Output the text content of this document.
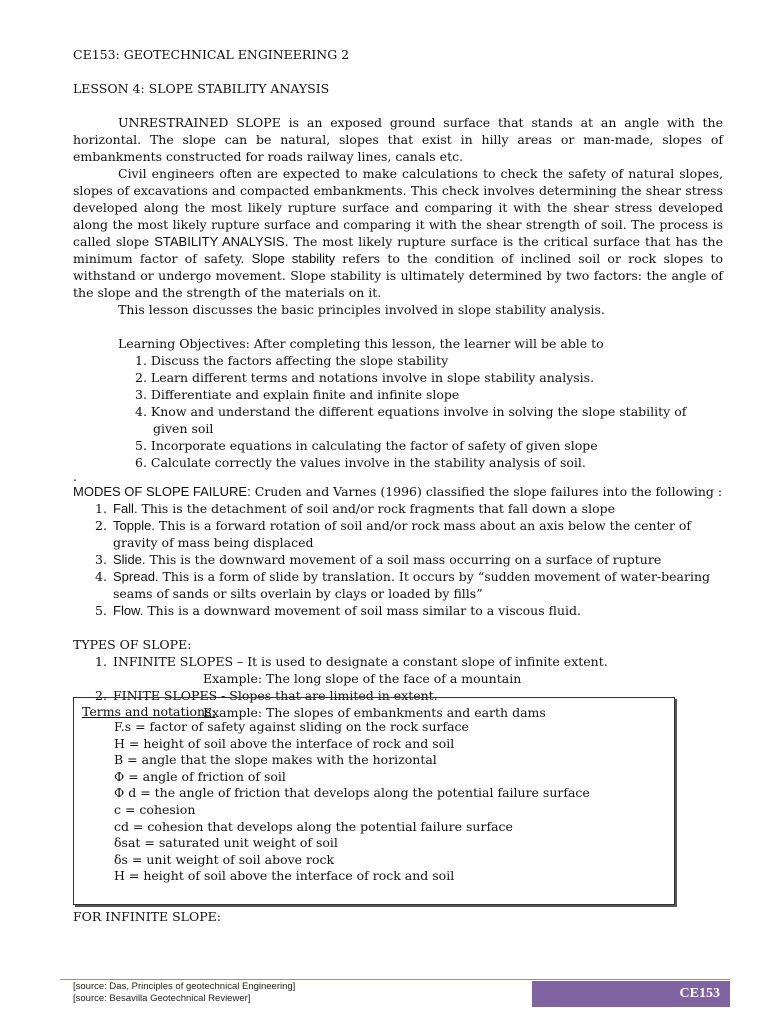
CE153: GEOTECHNICAL ENGINEERING 2
LESSON 4: SLOPE STABILITY ANAYSIS
UNRESTRAINED SLOPE is an exposed ground surface that stands at an angle with the horizontal. The slope can be natural, slopes that exist in hilly areas or man-made, slopes of embankments constructed for roads railway lines, canals etc.
Civil engineers often are expected to make calculations to check the safety of natural slopes, slopes of excavations and compacted embankments. This check involves determining the shear stress developed along the most likely rupture surface and comparing it with the shear stress developed along the most likely rupture surface and comparing it with the shear strength of soil. The process is called slope STABILITY ANALYSIS. The most likely rupture surface is the critical surface that has the minimum factor of safety. Slope stability refers to the condition of inclined soil or rock slopes to withstand or undergo movement. Slope stability is ultimately determined by two factors: the angle of the slope and the strength of the materials on it.
This lesson discusses the basic principles involved in slope stability analysis.
Learning Objectives: After completing this lesson, the learner will be able to
1. Discuss the factors affecting the slope stability
2. Learn different terms and notations involve in slope stability analysis.
3. Differentiate and explain finite and infinite slope
4. Know and understand the different equations involve in solving the slope stability of given soil
5. Incorporate equations in calculating the factor of safety of given slope
6. Calculate correctly the values involve in the stability analysis of soil.
.
MODES OF SLOPE FAILURE: Cruden and Varnes (1996) classified the slope failures into the following :
1. Fall. This is the detachment of soil and/or rock fragments that fall down a slope
2. Topple. This is a forward rotation of soil and/or rock mass about an axis below the center of gravity of mass being displaced
3. Slide. This is the downward movement of a soil mass occurring on a surface of rupture
4. Spread. This is a form of slide by translation. It occurs by “sudden movement of water-bearing seams of sands or silts overlain by clays or loaded by fills”
5. Flow. This is a downward movement of soil mass similar to a viscous fluid.
TYPES OF SLOPE:
1. INFINITE SLOPES – It is used to designate a constant slope of infinite extent.
Example: The long slope of the face of a mountain
2. FINITE SLOPES - Slopes that are limited in extent.
Example: The slopes of embankments and earth dams
Terms and notations:
F.s = factor of safety against sliding on the rock surface
H = height of soil above the interface of rock and soil
B = angle that the slope makes with the horizontal
Φ = angle of friction of soil
Φ d = the angle of friction that develops along the potential failure surface
c = cohesion
cd = cohesion that develops along the potential failure surface
δsat = saturated unit weight of soil
δs = unit weight of soil above rock
H = height of soil above the interface of rock and soil
FOR INFINITE SLOPE:
[source: Das, Principles of geotechnical Engineering]
[source: Besavilla Geotechnical Reviewer]	CE153
